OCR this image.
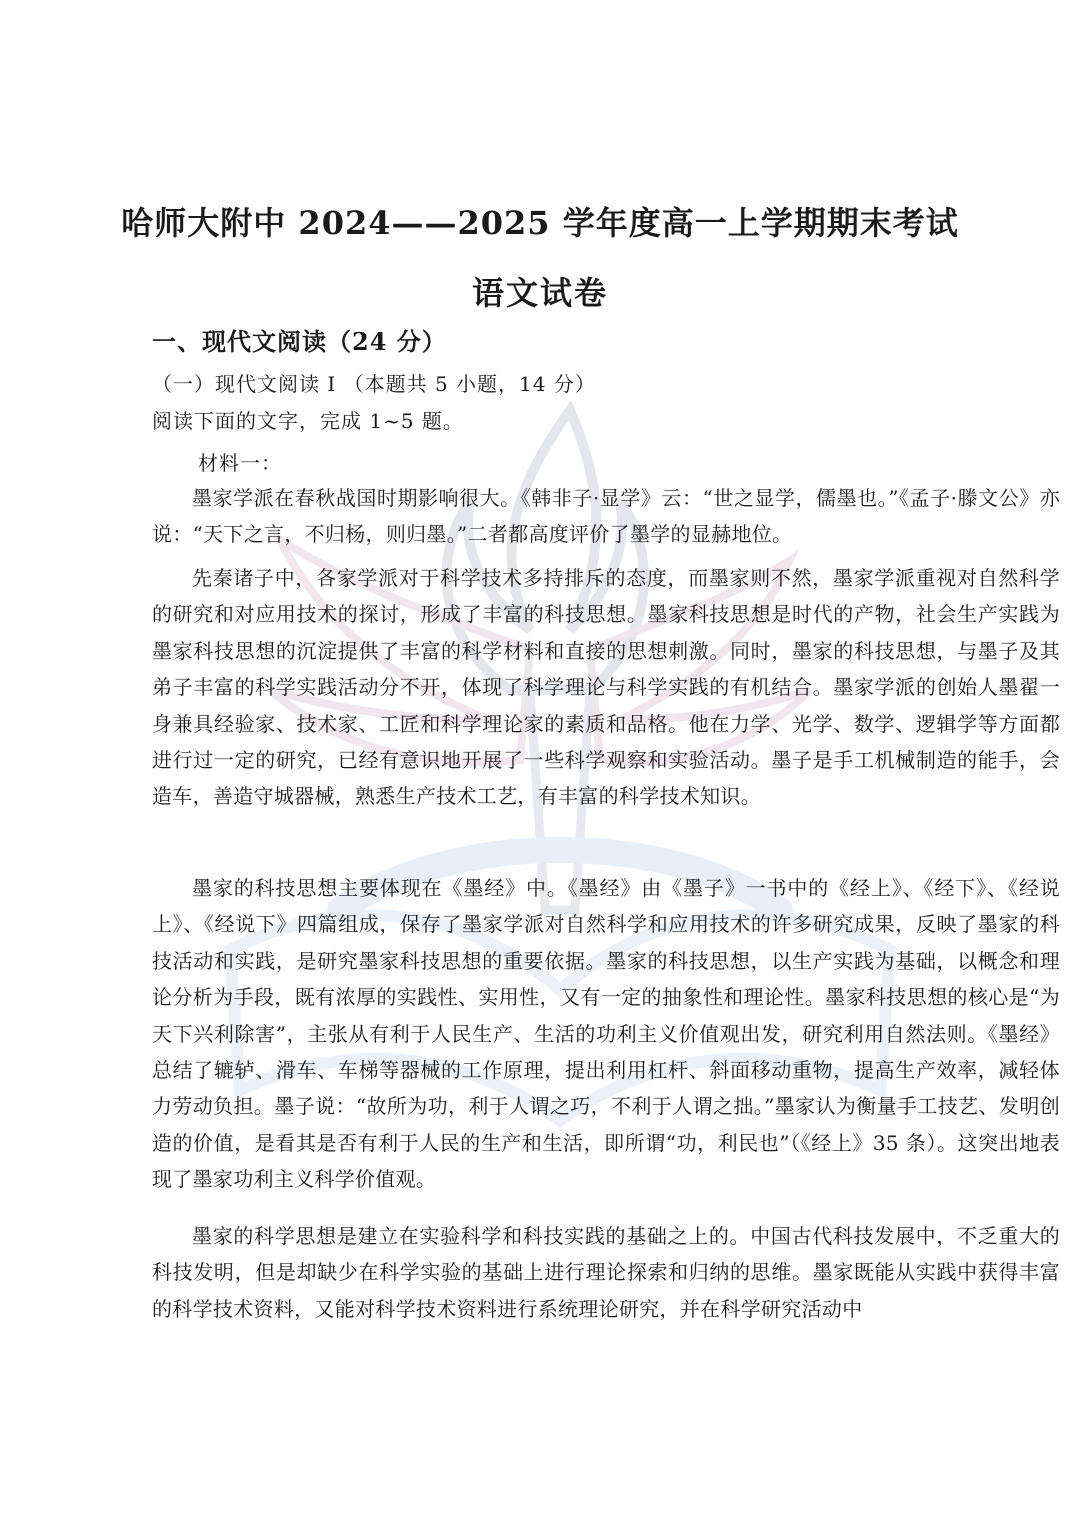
哈师大附中 2024——2025 学年度高一上学期期末考试
语文试卷
一、现代文阅读（24 分）
（一）现代文阅读 I （本题共 5 小题，14 分）
阅读下面的文字，完成 1~5 题。
材料一：

墨家学派在春秋战国时期影响很大。《韩非子·显学》云：“世之显学，儒墨也。”《孟子·滕文公》亦说：“天下之言，不归杨，则归墨。”二者都高度评价了墨学的显赫地位。

先秦诸子中，各家学派对于科学技术多持排斥的态度，而墨家则不然，墨家学派重视对自然科学的研究和对应用技术的探讨，形成了丰富的科技思想。墨家科技思想是时代的产物，社会生产实践为墨家科技思想的沉淀提供了丰富的科学材料和直接的思想刺激。同时，墨家的科技思想，与墨子及其弟子丰富的科学实践活动分不开，体现了科学理论与科学实践的有机结合。墨家学派的创始人墨翟一身兼具经验家、技术家、工匠和科学理论家的素质和品格。他在力学、光学、数学、逻辑学等方面都进行过一定的研究，已经有意识地开展了一些科学观察和实验活动。墨子是手工机械制造的能手，会造车，善造守城器械，熟悉生产技术工艺，有丰富的科学技术知识。

墨家的科技思想主要体现在《墨经》中。《墨经》由《墨子》一书中的《经上》、《经下》、《经说上》、《经说下》四篇组成，保存了墨家学派对自然科学和应用技术的许多研究成果，反映了墨家的科技活动和实践，是研究墨家科技思想的重要依据。墨家的科技思想，以生产实践为基础，以概念和理论分析为手段，既有浓厚的实践性、实用性，又有一定的抽象性和理论性。墨家科技思想的核心是“为天下兴利除害”，主张从有利于人民生产、生活的功利主义价值观出发，研究利用自然法则。《墨经》总结了辘轳、滑车、车梯等器械的工作原理，提出利用杠杆、斜面移动重物，提高生产效率，减轻体力劳动负担。墨子说：“故所为功，利于人谓之巧，不利于人谓之拙。”墨家认为衡量手工技艺、发明创造的价值，是看其是否有利于人民的生产和生活，即所谓“功，利民也”（《经上》35 条）。这突出地表现了墨家功利主义科学价值观。

墨家的科学思想是建立在实验科学和科技实践的基础之上的。中国古代科技发展中，不乏重大的科技发明，但是却缺少在科学实验的基础上进行理论探索和归纳的思维。墨家既能从实践中获得丰富的科学技术资料，又能对科学技术资料进行系统理论研究，并在科学研究活动中
